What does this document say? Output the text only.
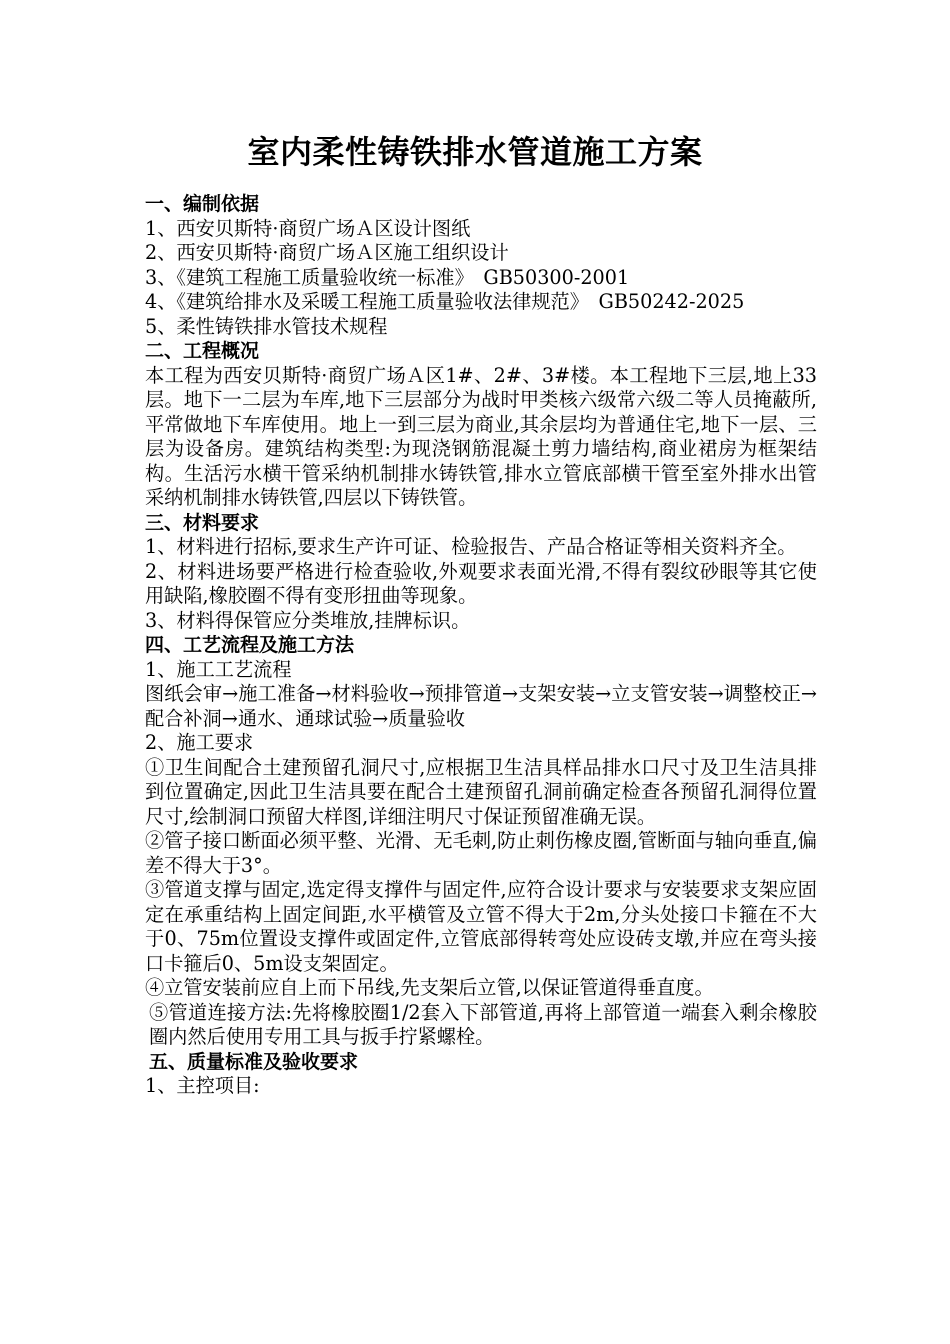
室内柔性铸铁排水管道施工方案

一、编制依据

1、西安贝斯特·商贸广场Ａ区设计图纸

2、西安贝斯特·商贸广场Ａ区施工组织设计

3、《建筑工程施工质量验收统一标准》　GB50300-2001

4、《建筑给排水及采暖工程施工质量验收法律规范》　GB50242-2025

5、柔性铸铁排水管技术规程

二、工程概况

本工程为西安贝斯特·商贸广场Ａ区1#、2#、3#楼。本工程地下三层,地上33层。地下一二层为车库,地下三层部分为战时甲类核六级常六级二等人员掩蔽所,平常做地下车库使用。地上一到三层为商业,其余层均为普通住宅,地下一层、三层为设备房。建筑结构类型:为现浇钢筋混凝土剪力墙结构,商业裙房为框架结构。生活污水横干管采纳机制排水铸铁管,排水立管底部横干管至室外排水出管采纳机制排水铸铁管,四层以下铸铁管。

三、材料要求

1、材料进行招标,要求生产许可证、检验报告、产品合格证等相关资料齐全。

2、材料进场要严格进行检查验收,外观要求表面光滑,不得有裂纹砂眼等其它使用缺陷,橡胶圈不得有变形扭曲等现象。

3、材料得保管应分类堆放,挂牌标识。

四、工艺流程及施工方法

1、施工工艺流程

图纸会审→施工准备→材料验收→预排管道→支架安装→立支管安装→调整校正→配合补洞→通水、通球试验→质量验收

2、施工要求

①卫生间配合土建预留孔洞尺寸,应根据卫生洁具样品排水口尺寸及卫生洁具排到位置确定,因此卫生洁具要在配合土建预留孔洞前确定检查各预留孔洞得位置尺寸,绘制洞口预留大样图,详细注明尺寸保证预留准确无误。

②管子接口断面必须平整、光滑、无毛刺,防止刺伤橡皮圈,管断面与轴向垂直,偏差不得大于3°。

③管道支撑与固定,选定得支撑件与固定件,应符合设计要求与安装要求支架应固定在承重结构上固定间距,水平横管及立管不得大于2m,分头处接口卡箍在不大于0、75m位置设支撑件或固定件,立管底部得转弯处应设砖支墩,并应在弯头接口卡箍后0、5m设支架固定。

④立管安装前应自上而下吊线,先支架后立管,以保证管道得垂直度。

⑤管道连接方法:先将橡胶圈1/2套入下部管道,再将上部管道一端套入剩余橡胶圈内然后使用专用工具与扳手拧紧螺栓。

五、质量标准及验收要求

1、主控项目:
